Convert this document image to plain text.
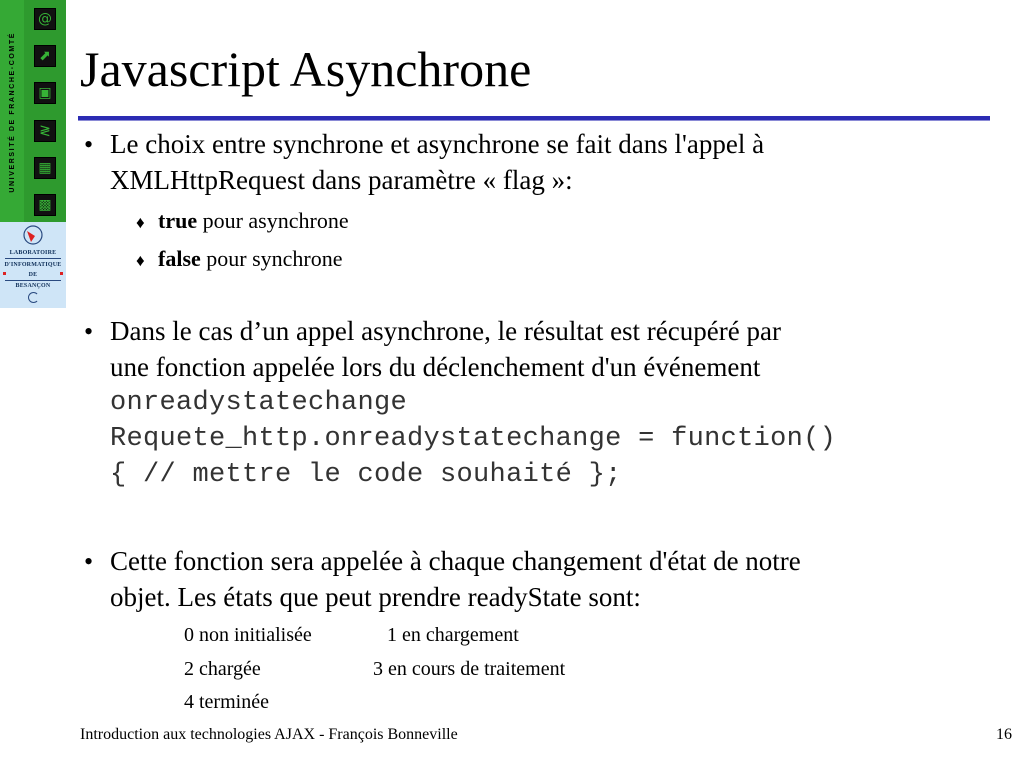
UNIVERSITÉ DE FRANCHE-COMTÉ
@
⬈
▣
≷
▦
▩
LABORATOIRE
D'INFORMATIQUE
DE
BESANÇON
Javascript Asynchrone
• Le choix entre synchrone et asynchrone se fait dans l'appel à
XMLHttpRequest dans paramètre « flag »:
♦ true pour asynchrone
♦ false pour synchrone
• Dans le cas d’un appel asynchrone, le résultat est récupéré par
une fonction appelée lors du déclenchement d'un événement
onreadystatechange
Requete_http.onreadystatechange = function()
{ // mettre le code souhaité };
• Cette fonction sera appelée à chaque changement d'état de notre
objet. Les états que peut prendre readyState sont:
0 non initialisée	1 en chargement
2 chargée	3 en cours de traitement
4 terminée
Introduction aux technologies AJAX - François Bonneville	16
